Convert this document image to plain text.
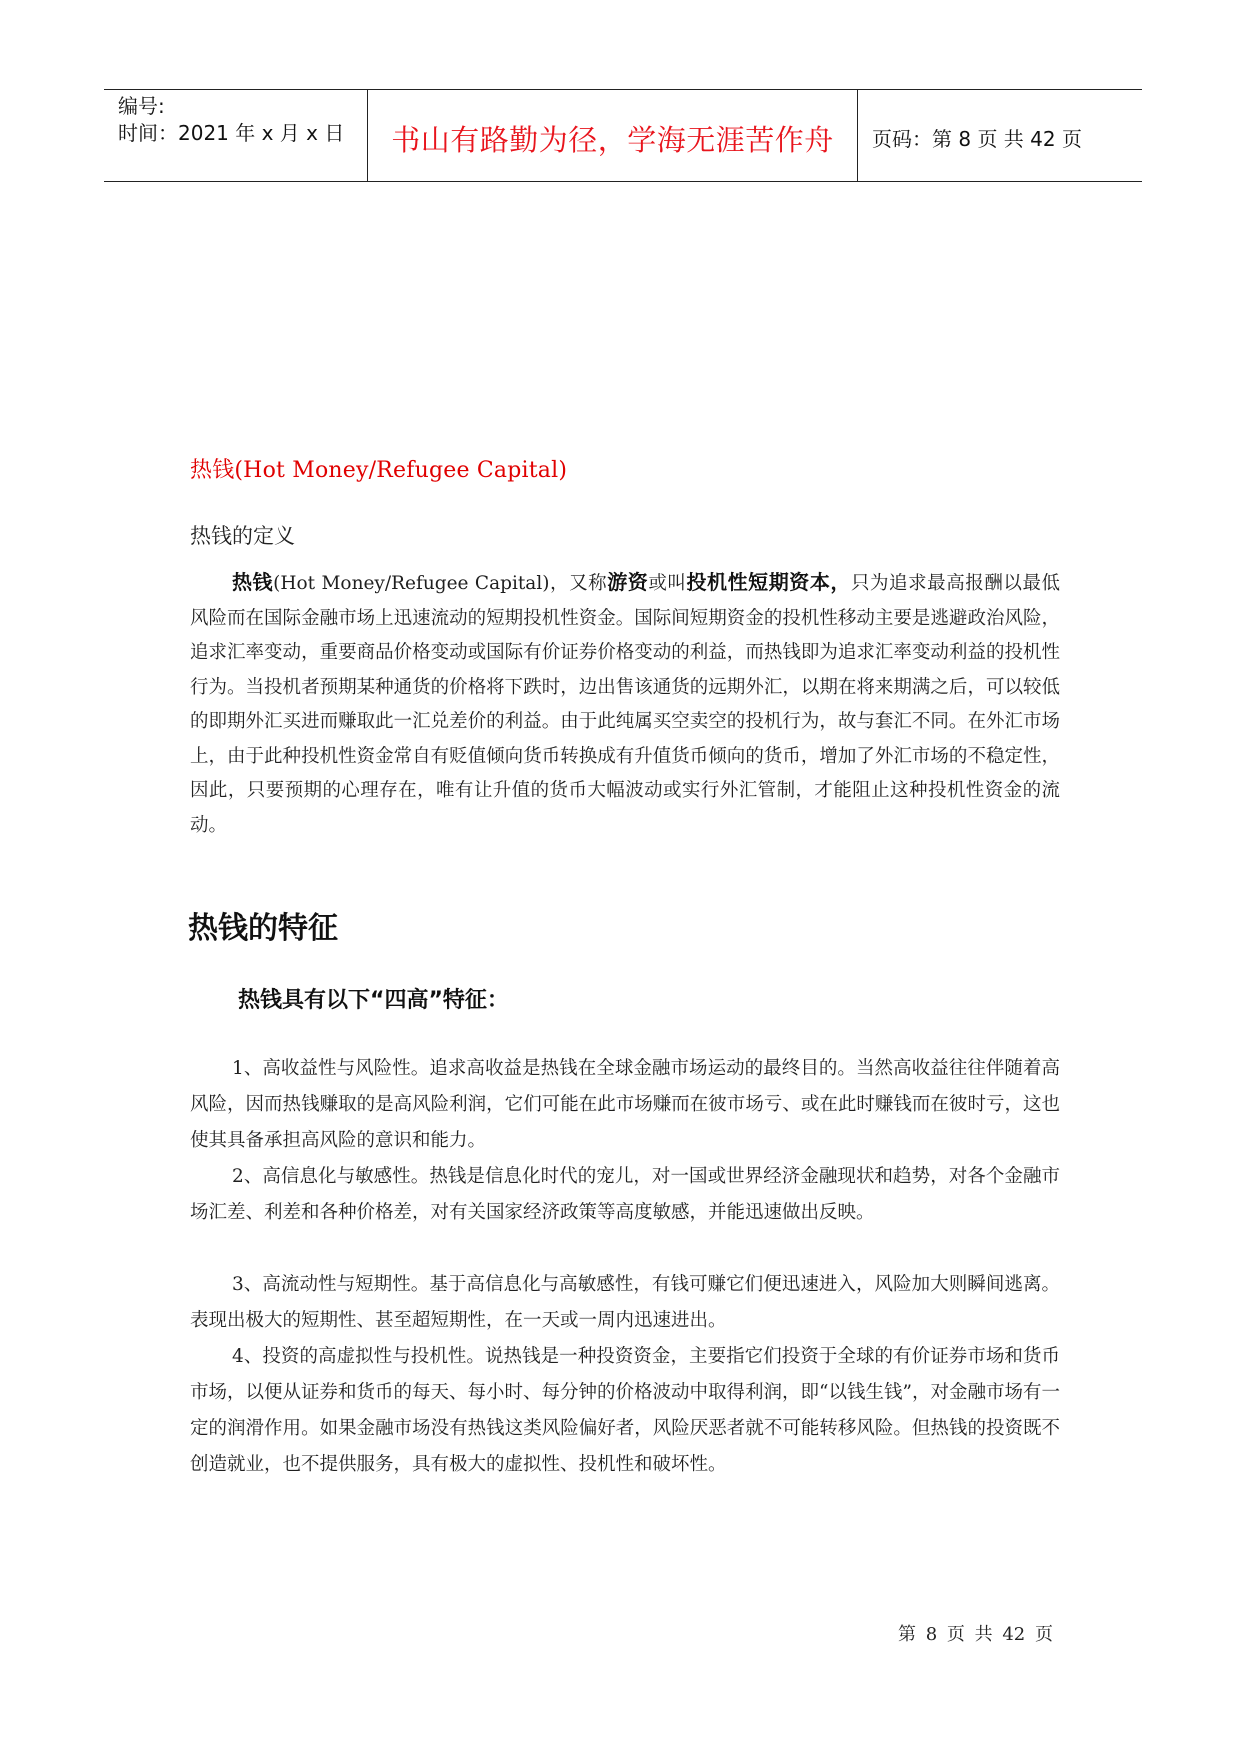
编号:
时间：2021 年 x 月 x 日	书山有路勤为径，学海无涯苦作舟	页码：第 8 页 共 42 页
热钱(Hot Money/Refugee Capital)
热钱的定义

热钱(Hot Money/Refugee Capital)，又称游资或叫投机性短期资本，只为追求最高报酬以最低风险而在国际金融市场上迅速流动的短期投机性资金。国际间短期资金的投机性移动主要是逃避政治风险，追求汇率变动，重要商品价格变动或国际有价证券价格变动的利益，而热钱即为追求汇率变动利益的投机性行为。当投机者预期某种通货的价格将下跌时，边出售该通货的远期外汇，以期在将来期满之后，可以较低的即期外汇买进而赚取此一汇兑差价的利益。由于此纯属买空卖空的投机行为，故与套汇不同。在外汇市场上，由于此种投机性资金常自有贬值倾向货币转换成有升值货币倾向的货币，增加了外汇市场的不稳定性，因此，只要预期的心理存在，唯有让升值的货币大幅波动或实行外汇管制，才能阻止这种投机性资金的流动。

热钱的特征
热钱具有以下“四高”特征：

1、高收益性与风险性。追求高收益是热钱在全球金融市场运动的最终目的。当然高收益往往伴随着高风险，因而热钱赚取的是高风险利润，它们可能在此市场赚而在彼市场亏、或在此时赚钱而在彼时亏，这也使其具备承担高风险的意识和能力。

2、高信息化与敏感性。热钱是信息化时代的宠儿，对一国或世界经济金融现状和趋势，对各个金融市场汇差、利差和各种价格差，对有关国家经济政策等高度敏感，并能迅速做出反映。

3、高流动性与短期性。基于高信息化与高敏感性，有钱可赚它们便迅速进入，风险加大则瞬间逃离。表现出极大的短期性、甚至超短期性，在一天或一周内迅速进出。

4、投资的高虚拟性与投机性。说热钱是一种投资资金，主要指它们投资于全球的有价证券市场和货币市场，以便从证券和货币的每天、每小时、每分钟的价格波动中取得利润，即“以钱生钱”，对金融市场有一定的润滑作用。如果金融市场没有热钱这类风险偏好者，风险厌恶者就不可能转移风险。但热钱的投资既不创造就业，也不提供服务，具有极大的虚拟性、投机性和破坏性。

第 8 页 共 42 页
